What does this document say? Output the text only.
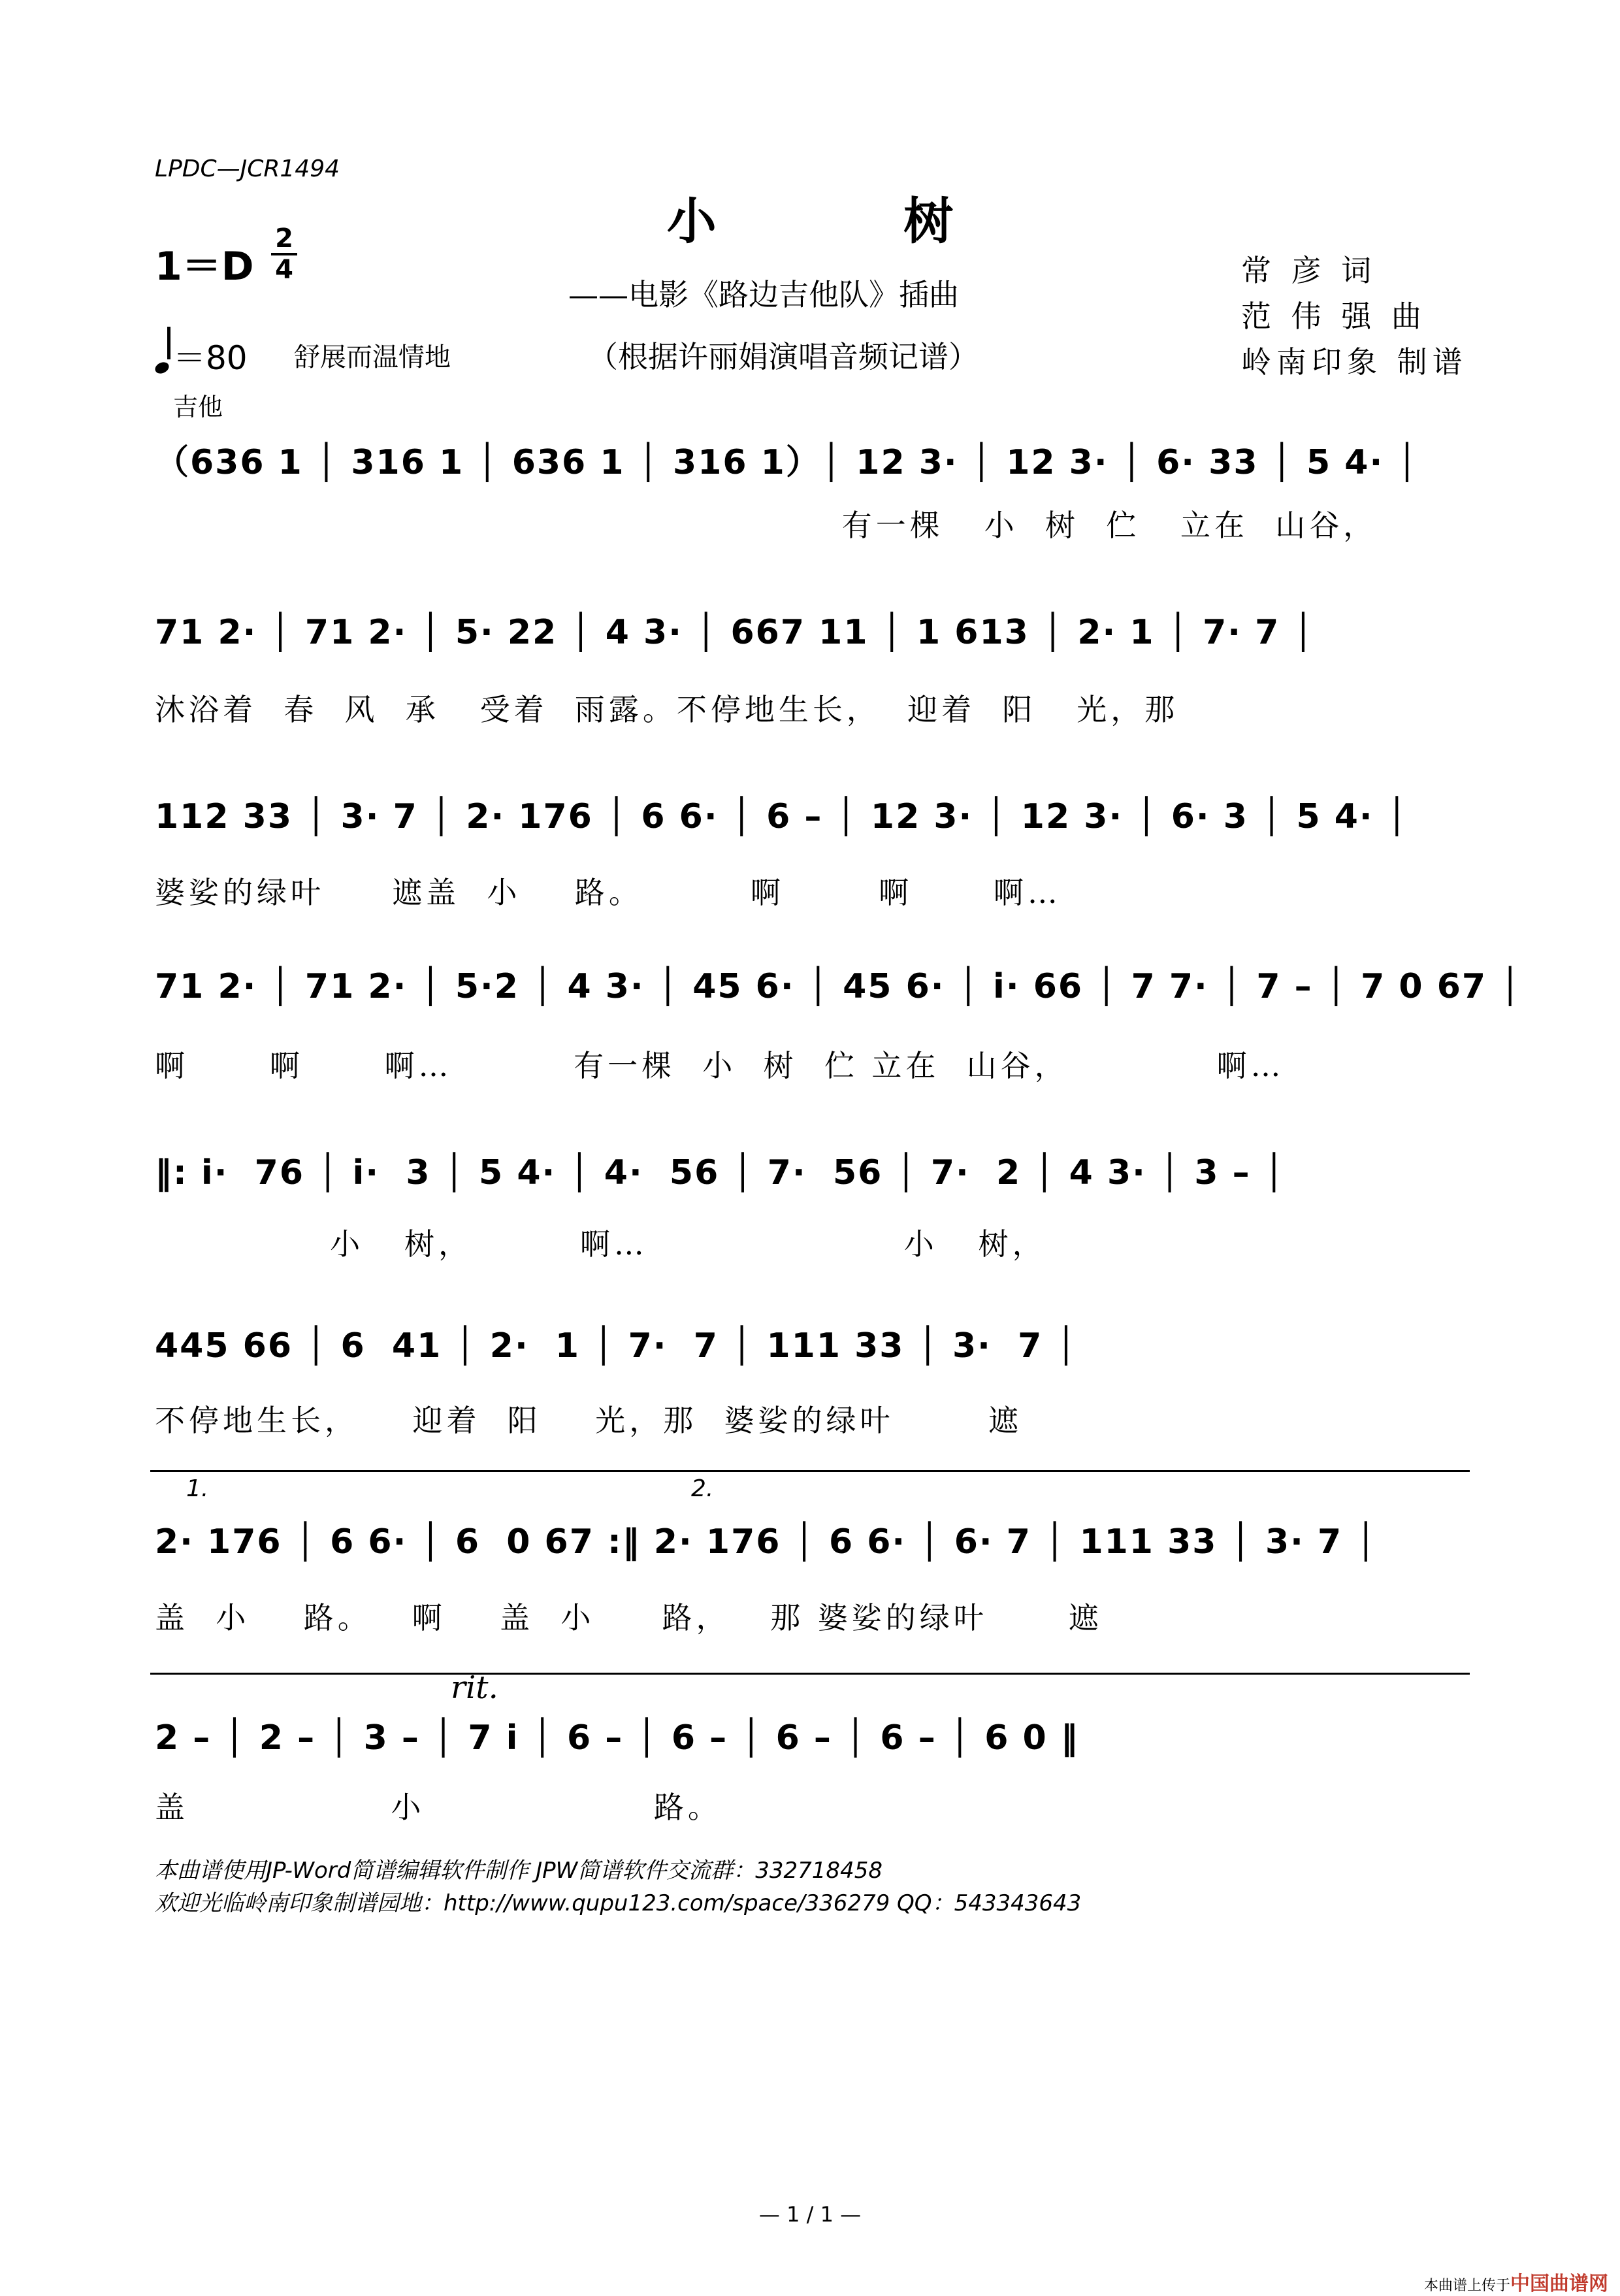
LPDC—JCR1494
小 树
1＝D
2
4
——电影《路边吉他队》插曲
（根据许丽娟演唱音频记谱）
常 彦 词
范 伟 强 曲
岭南印象 制谱
＝80 舒展而温情地
吉他
（636 1 │ 316 1 │ 636 1 │ 316 1）│ 12 3· │ 12 3· │ 6· 33 │ 5 4· │
有一棵   小  树  伫   立在  山谷，
71 2· │ 71 2· │ 5· 22 │ 4 3· │ 667 11 │ 1 613 │ 2· 1 │ 7· 7 │
沐浴着  春  风  承   受着  雨露。不停地生长，  迎着  阳   光，那
112 33 │ 3· 7 │ 2· 176 │ 6 6· │ 6 – │ 12 3· │ 12 3· │ 6· 3 │ 5 4· │
婆娑的绿叶     遮盖  小    路。        啊       啊      啊…
71 2· │ 71 2· │ 5·2 │ 4 3· │ 45 6· │ 45 6· │ i· 66 │ 7 7· │ 7 – │ 7 0 67 │
啊      啊      啊…         有一棵  小  树  伫 立在  山谷，           啊…
‖: i·  76 │ i·  3 │ 5 4· │ 4·  56 │ 7·  56 │ 7·  2 │ 4 3· │ 3 – │
小   树，        啊…                   小   树，
445 66 │ 6  41 │ 2·  1 │ 7·  7 │ 111 33 │ 3·  7 │
不停地生长，    迎着  阳    光，那  婆娑的绿叶       遮
1.	2.
2· 176 │ 6 6· │ 6  0 67 :‖ 2· 176 │ 6 6· │ 6· 7 │ 111 33 │ 3· 7 │
盖  小    路。   啊    盖  小     路，   那 婆娑的绿叶      遮
rit.
2 – │ 2 – │ 3 – │ 7 i │ 6 – │ 6 – │ 6 – │ 6 – │ 6 0 ‖
盖               小                 路。
本曲谱使用JP-Word简谱编辑软件制作 JPW简谱软件交流群：332718458
欢迎光临岭南印象制谱园地：http://www.qupu123.com/space/336279 QQ：543343643
— 1 / 1 —
本曲谱上传于中国曲谱网
